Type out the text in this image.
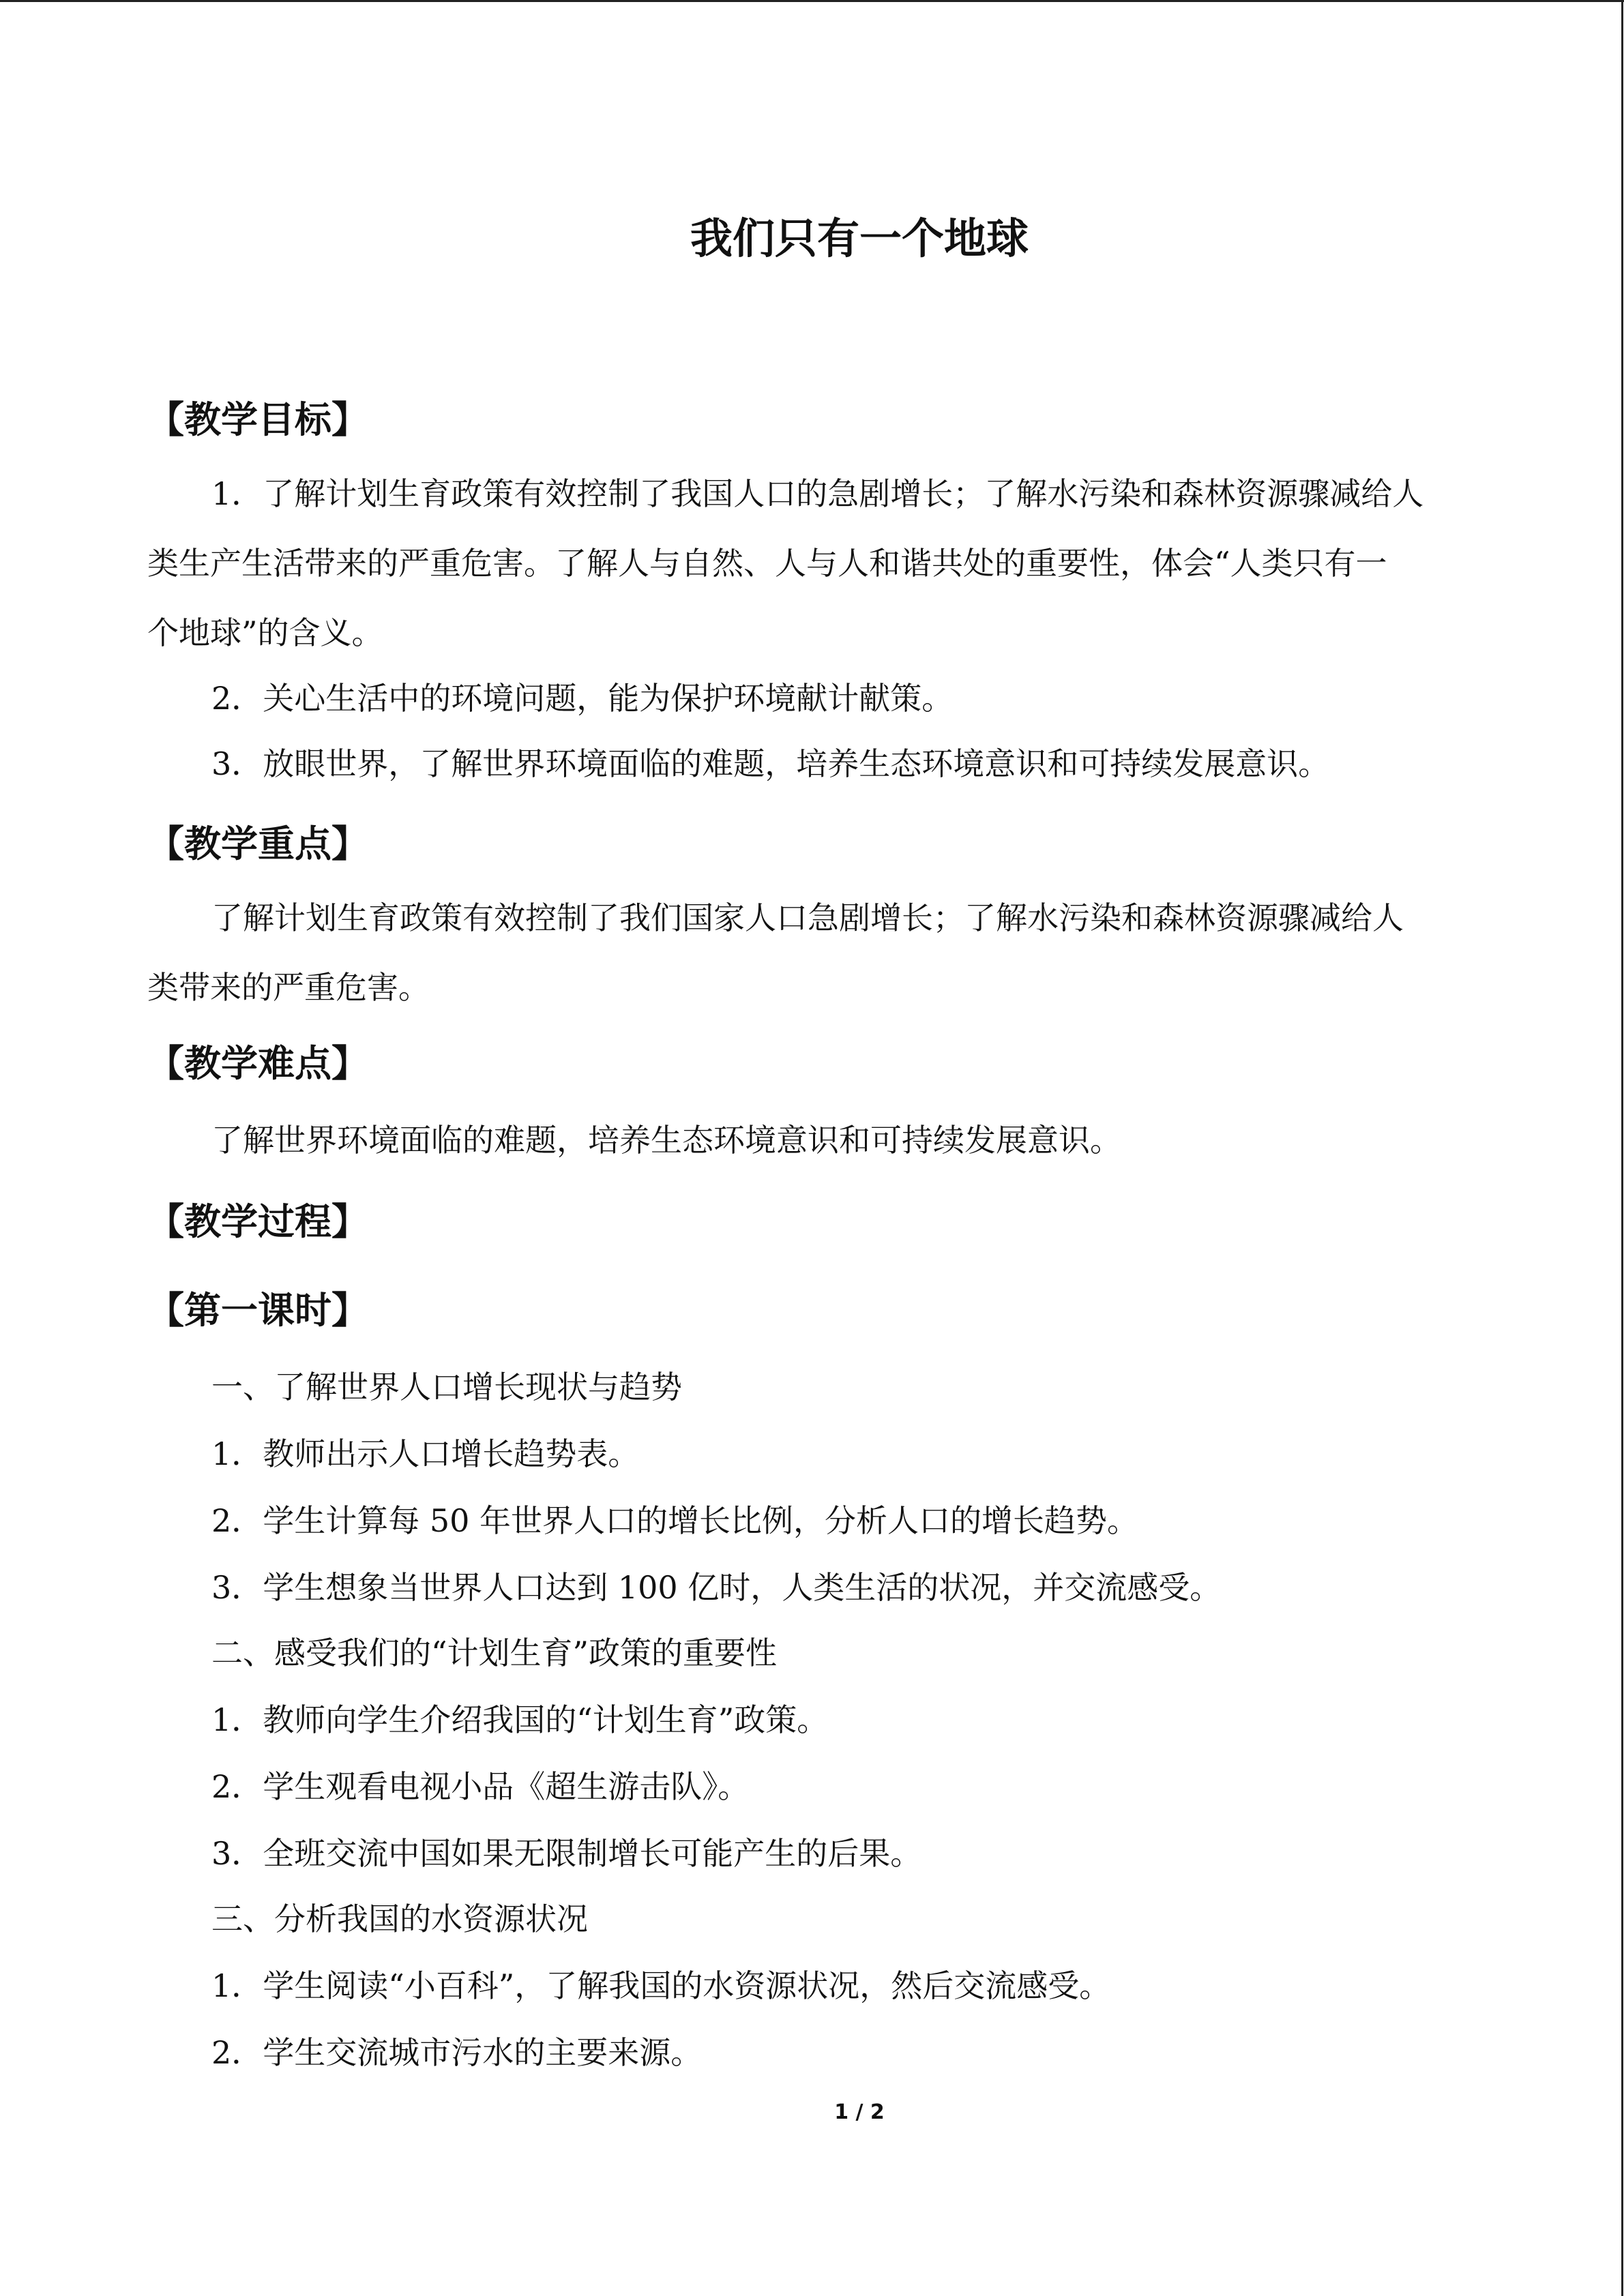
我们只有一个地球
【教学目标】
1．了解计划生育政策有效控制了我国人口的急剧增长；了解水污染和森林资源骤减给人
类生产生活带来的严重危害。了解人与自然、人与人和谐共处的重要性，体会“人类只有一
个地球”的含义。
2．关心生活中的环境问题，能为保护环境献计献策。
3．放眼世界，了解世界环境面临的难题，培养生态环境意识和可持续发展意识。
【教学重点】
了解计划生育政策有效控制了我们国家人口急剧增长；了解水污染和森林资源骤减给人
类带来的严重危害。
【教学难点】
了解世界环境面临的难题，培养生态环境意识和可持续发展意识。
【教学过程】
【第一课时】
一、了解世界人口增长现状与趋势
1．教师出示人口增长趋势表。
2．学生计算每 50 年世界人口的增长比例，分析人口的增长趋势。
3．学生想象当世界人口达到 100 亿时，人类生活的状况，并交流感受。
二、感受我们的“计划生育”政策的重要性
1．教师向学生介绍我国的“计划生育”政策。
2．学生观看电视小品《超生游击队》。
3．全班交流中国如果无限制增长可能产生的后果。
三、分析我国的水资源状况
1．学生阅读“小百科”，了解我国的水资源状况，然后交流感受。
2．学生交流城市污水的主要来源。
1 / 2
